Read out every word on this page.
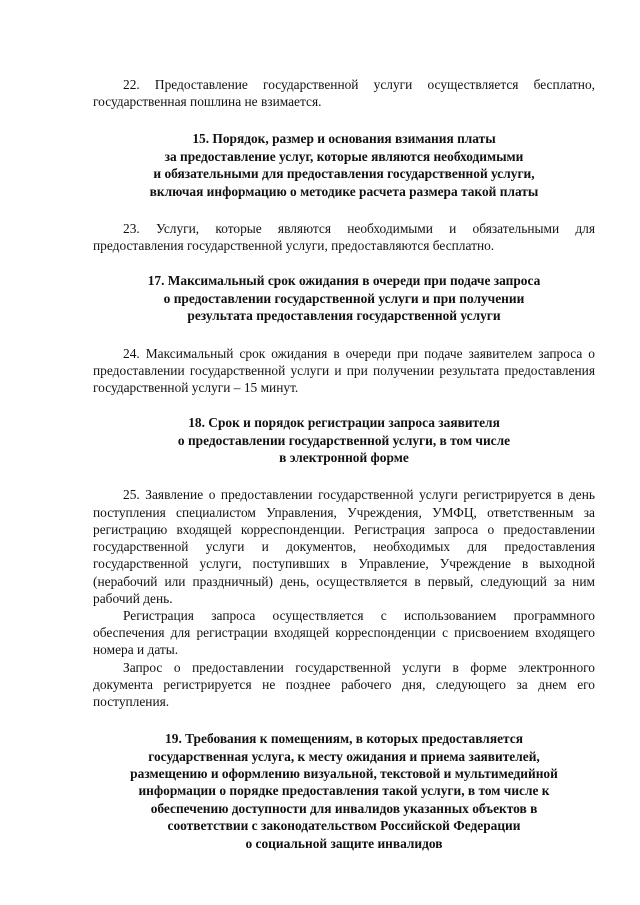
22. Предоставление государственной услуги осуществляется бесплатно, государственная пошлина не взимается.

15. Порядок, размер и основания взимания платы
за предоставление услуг, которые являются необходимыми
и обязательными для предоставления государственной услуги,
включая информацию о методике расчета размера такой платы

23. Услуги, которые являются необходимыми и обязательными для предоставления государственной услуги, предоставляются бесплатно.

17. Максимальный срок ожидания в очереди при подаче запроса
о предоставлении государственной услуги и при получении
результата предоставления государственной услуги

24. Максимальный срок ожидания в очереди при подаче заявителем запроса о предоставлении государственной услуги и при получении результата предоставления государственной услуги – 15 минут.

18. Срок и порядок регистрации запроса заявителя
о предоставлении государственной услуги, в том числе
в электронной форме

25. Заявление о предоставлении государственной услуги регистрируется в день поступления специалистом Управления, Учреждения, УМФЦ, ответственным за регистрацию входящей корреспонденции. Регистрация запроса о предоставлении государственной услуги и документов, необходимых для предоставления государственной услуги, поступивших в Управление, Учреждение в выходной (нерабочий или праздничный) день, осуществляется в первый, следующий за ним рабочий день.

Регистрация запроса осуществляется с использованием программного обеспечения для регистрации входящей корреспонденции с присвоением входящего номера и даты.

Запрос о предоставлении государственной услуги в форме электронного документа регистрируется не позднее рабочего дня, следующего за днем его поступления.

19. Требования к помещениям, в которых предоставляется
государственная услуга, к месту ожидания и приема заявителей,
размещению и оформлению визуальной, текстовой и мультимедийной
информации о порядке предоставления такой услуги, в том числе к
обеспечению доступности для инвалидов указанных объектов в
соответствии с законодательством Российской Федерации
о социальной защите инвалидов
